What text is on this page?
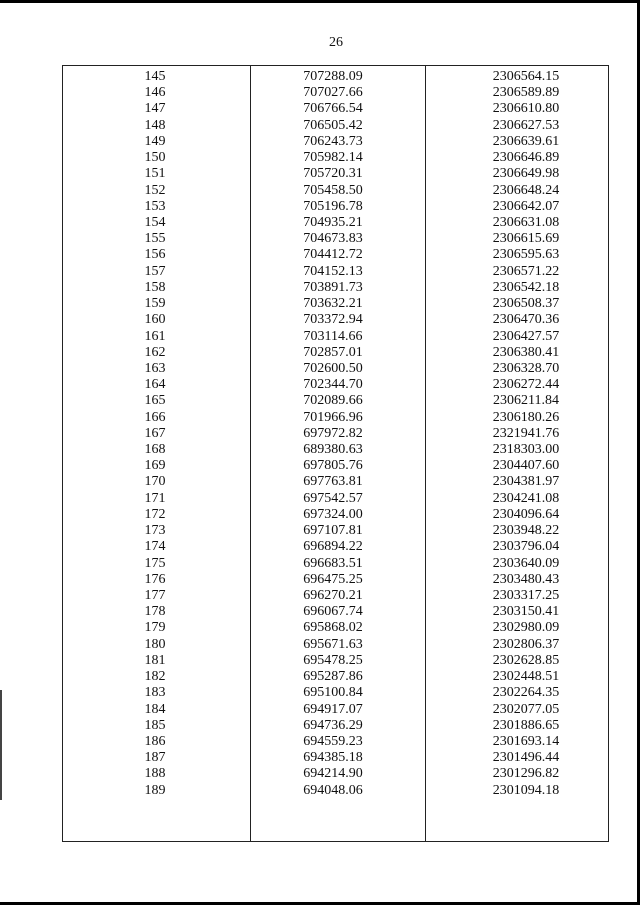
26
145	707288.09	2306564.15
146	707027.66	2306589.89
147	706766.54	2306610.80
148	706505.42	2306627.53
149	706243.73	2306639.61
150	705982.14	2306646.89
151	705720.31	2306649.98
152	705458.50	2306648.24
153	705196.78	2306642.07
154	704935.21	2306631.08
155	704673.83	2306615.69
156	704412.72	2306595.63
157	704152.13	2306571.22
158	703891.73	2306542.18
159	703632.21	2306508.37
160	703372.94	2306470.36
161	703114.66	2306427.57
162	702857.01	2306380.41
163	702600.50	2306328.70
164	702344.70	2306272.44
165	702089.66	2306211.84
166	701966.96	2306180.26
167	697972.82	2321941.76
168	689380.63	2318303.00
169	697805.76	2304407.60
170	697763.81	2304381.97
171	697542.57	2304241.08
172	697324.00	2304096.64
173	697107.81	2303948.22
174	696894.22	2303796.04
175	696683.51	2303640.09
176	696475.25	2303480.43
177	696270.21	2303317.25
178	696067.74	2303150.41
179	695868.02	2302980.09
180	695671.63	2302806.37
181	695478.25	2302628.85
182	695287.86	2302448.51
183	695100.84	2302264.35
184	694917.07	2302077.05
185	694736.29	2301886.65
186	694559.23	2301693.14
187	694385.18	2301496.44
188	694214.90	2301296.82
189	694048.06	2301094.18
